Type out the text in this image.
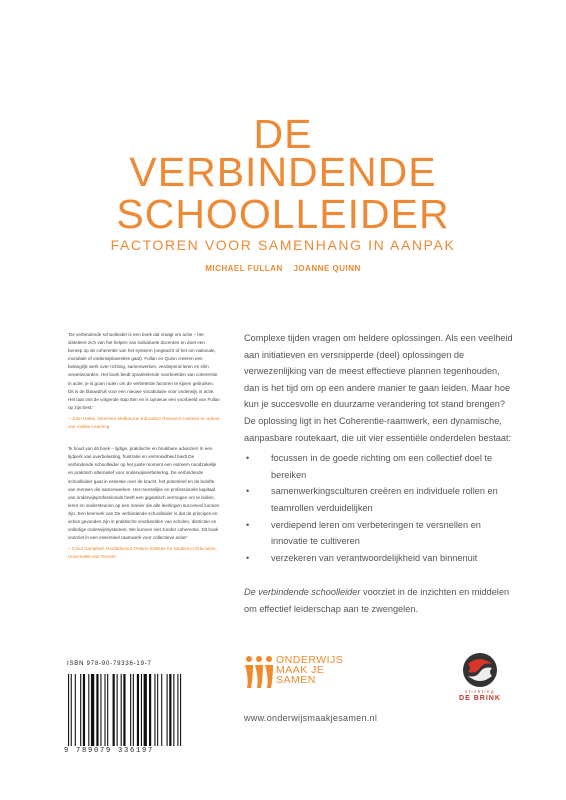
DE
VERBINDENDE
SCHOOLLEIDER
FACTOREN VOOR SAMENHANG IN AANPAK
MICHAEL FULLAN JOANNE QUINN

'De verbindende schoolleider is een boek dat vraagt om actie – het disteleert zich van het helpen van individuele docenten en doet een beroep op de coherentie van het systeem (ongeacht of het om nationale, mondiale of onderwijskwesties gaat). Fullan en Quinn creëren een belangrijk werk over richting, samenwerken, verdiepend leren en slim verantwoorden. Het boek biedt sprankelende voorbeelden van coherentie in actie; je is goan roden om de verbeterde factoren te kijnen gebruiken. Dit is de blauwdruk voor een nieuwe vocabulaire voor onderwijs in actie. Het laat ons de volgende stap tten en is opnieuw een voorbeeld van Fullan op zijn best.'

– John Hattie, Directeur Melbourne Education Research Institute en auteur van Visible Learning

'Ik houd van dit boek – tijdige, praktische en bruikbare adviezen! In een tijdperk van overbelasting, frustratie en vermoeidheid biedt De verbindende schoolleider op het juiste moment een extreem noodzakelijk en praktisch alternatief voor onderwijsverbetering. De verbindende schoolleider gaat in essentie over de kracht, het potentieel en de belofte van mensen die samenwerken. Het menselijke en professionele kapitaal van onderwijsprofessionals heeft een gigantisch vermogen om te leiden, leren en ondersteunen op een manier die alle leerlingen succesvol kunnen zijn. Een kenmerk van De verbindende schoolleider is dat de principes en acties gevonden zijn in praktische voorbeelden van scholen, districten en volledige onderwijssystemen. We kunnen niet zonder coherentie. Dit boek voorziet in een essentieel raamwerk voor collectieve actie!'

– Carol Campbell, Hoofddocent Ontario Institute for Studies in Education, Universiteit van Toronto

Complexe tijden vragen om heldere oplossingen. Als een veelheid aan initiatieven en versnipperde (deel) oplossingen de verwezenlijking van de meest effectieve plannen tegenhouden, dan is het tijd om op een andere manier te gaan leiden. Maar hoe kun je succesvolle en duurzame verandering tot stand brengen? De oplossing ligt in het Coherentie-raamwerk, een dynamische, aanpasbare routekaart, die uit vier essentiële onderdelen bestaat:

• focussen in de goede richting om een collectief doel te bereiken
• samenwerkingsculturen creëren en individuele rollen en teamrollen verduidelijken
• verdiepend leren om verbeteringen te versnellen en innovatie te cultiveren
• verzekeren van verantwoordelijkheid van binnenuit

De verbindende schoolleider voorziet in de inzichten en middelen om effectief leiderschap aan te zwengelen.

ISBN 978-90-79336-19-7
9 789079 336197
ONDERWIJS
MAAK JE
SAMEN
stichting
DE BRINK
www.onderwijsmaakjesamen.nl
